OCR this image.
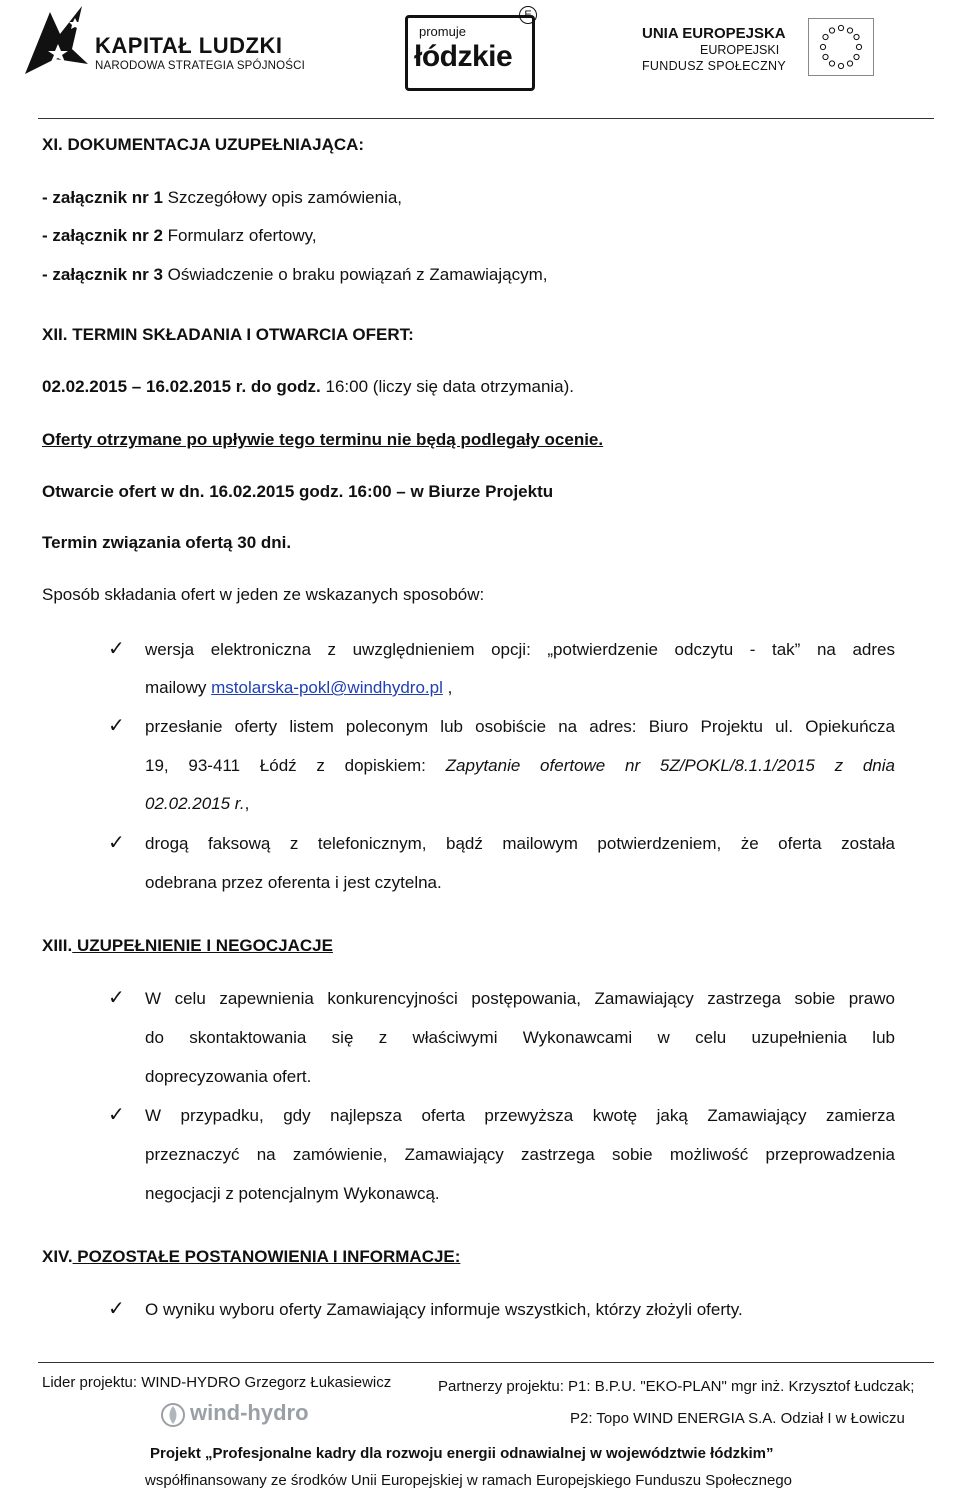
KAPITAŁ LUDZKI
NARODOWA STRATEGIA SPÓJNOŚCI
promuje
łódzkie
E
UNIA EUROPEJSKA
EUROPEJSKI
FUNDUSZ SPOŁECZNY
XI. DOKUMENTACJA UZUPEŁNIAJĄCA:
- załącznik nr 1 Szczegółowy opis zamówienia,
- załącznik nr 2 Formularz ofertowy,
- załącznik nr 3 Oświadczenie o braku powiązań z Zamawiającym,
XII. TERMIN SKŁADANIA I OTWARCIA OFERT:
02.02.2015 – 16.02.2015 r. do godz. 16:00 (liczy się data otrzymania).
Oferty otrzymane po upływie tego terminu nie będą podlegały ocenie.
Otwarcie ofert w dn. 16.02.2015 godz. 16:00 – w Biurze Projektu
Termin związania ofertą 30 dni.
Sposób składania ofert w jeden ze wskazanych sposobów:
✓ wersja elektroniczna z uwzględnieniem opcji: „potwierdzenie odczytu - tak” na adres
mailowy mstolarska-pokl@windhydro.pl ,
✓ przesłanie oferty listem poleconym lub osobiście na adres: Biuro Projektu ul. Opiekuńcza
19, 93-411 Łódź z dopiskiem: Zapytanie ofertowe nr 5Z/POKL/8.1.1/2015 z dnia
02.02.2015 r.,
✓ drogą faksową z telefonicznym, bądź mailowym potwierdzeniem, że oferta została
odebrana przez oferenta i jest czytelna.
XIII. UZUPEŁNIENIE I NEGOCJACJE
✓ W celu zapewnienia konkurencyjności postępowania, Zamawiający zastrzega sobie prawo
do skontaktowania się z właściwymi Wykonawcami w celu uzupełnienia lub
doprecyzowania ofert.
✓ W przypadku, gdy najlepsza oferta przewyższa kwotę jaką Zamawiający zamierza
przeznaczyć na zamówienie, Zamawiający zastrzega sobie możliwość przeprowadzenia
negocjacji z potencjalnym Wykonawcą.
XIV. POZOSTAŁE POSTANOWIENIA I INFORMACJE:
✓ O wyniku wyboru oferty Zamawiający informuje wszystkich, którzy złożyli oferty.
Lider projektu: WIND-HYDRO Grzegorz Łukasiewicz
wind-hydro
Partnerzy projektu: P1: B.P.U. "EKO-PLAN" mgr inż. Krzysztof Łudczak;
P2: Topo WIND ENERGIA S.A. Odział I w Łowiczu
Projekt „Profesjonalne kadry dla rozwoju energii odnawialnej w województwie łódzkim”
współfinansowany ze środków Unii Europejskiej w ramach Europejskiego Funduszu Społecznego
